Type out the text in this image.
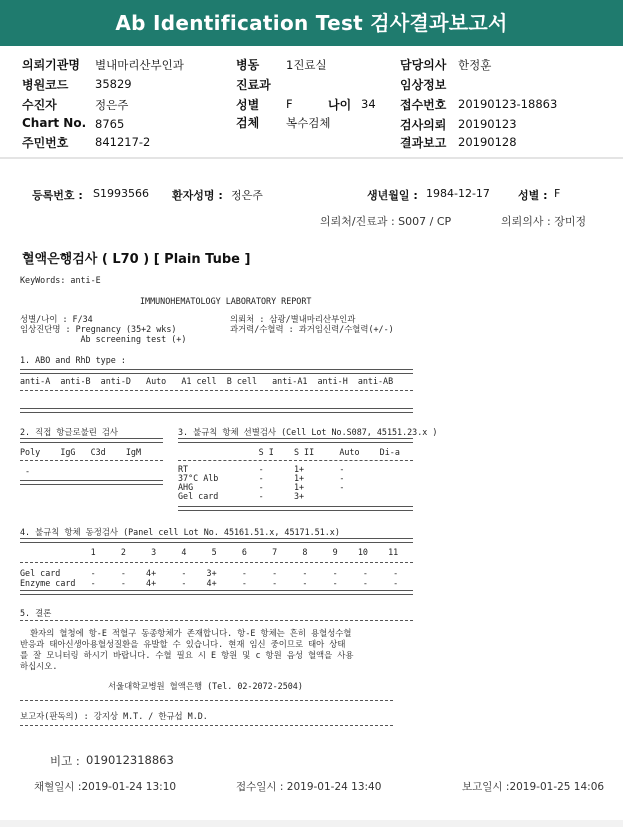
Ab Identification Test 검사결과보고서
의뢰기관명 별내마리산부인과
병원코드 35829
수진자	정은주
Chart No. 8765
주민번호 841217-2
병동 1진료실
진료과
성별 F	나이 34
검체 복수검체
담당의사 한정훈
임상정보
접수번호 20190123-18863
검사의뢰 20190123
결과보고 20190128
등록번호 : S1993566 환자성명 : 정은주	생년월일 : 1984-12-17	성별 : F
의뢰처/진료과 : S007 / CP	의뢰의사 : 장미정
혈액은행검사 ( L70 ) [ Plain Tube ]
KeyWords: anti-E
IMMUNOHEMATOLOGY LABORATORY REPORT
성별/나이 : F/34
임상진단명 : Pregnancy (35+2 wks)
Ab screening test (+)
의뢰처 : 삼광/별내마리산부인과
과거력/수혈력 : 과거임신력/수혈력(+/-)
1. ABO and RhD type :
anti-A  anti-B  anti-D   Auto   A1 cell  B cell   anti-A1  anti-H  anti-AB
2. 직접 항글로불린 검사
Poly    IgG   C3d    IgM
-
3. 불규칙 항체 선별검사 (Cell Lot No.S087, 45151.23.x )
S I    S II     Auto    Di-a
RT              -      1+       -
37°C Alb        -      1+       -
AHG             -      1+       -
Gel card        -      3+
4. 불규칙 항체 동정검사 (Panel cell Lot No. 45161.51.x, 45171.51.x)
1     2     3     4     5     6     7     8     9    10    11
Gel card      -     -    4+     -    3+     -     -     -     -     -     -
Enzyme card   -     -    4+     -    4+     -     -     -     -     -     -
5. 결론
환자의 혈청에 항-E 적혈구 동종항체가 존재합니다. 항-E 항체는 흔히 용혈성수혈
반응과 태아신생아용혈성질환을 유발할 수 있습니다. 현재 임신 중이므로 태아 상태
를 잘 모니터링 하시기 바랍니다. 수혈 필요 시 E 항원 및 c 항원 음성 혈액을 사용
하십시오.
서울대학교병원 혈액은행 (Tel. 02-2072-2504)
보고자(판독의) : 강지상 M.T. / 한규섭 M.D.
비고 : 019012318863
채혈일시 :2019-01-24 13:10	접수일시 : 2019-01-24 13:40	보고일시 :2019-01-25 14:06
